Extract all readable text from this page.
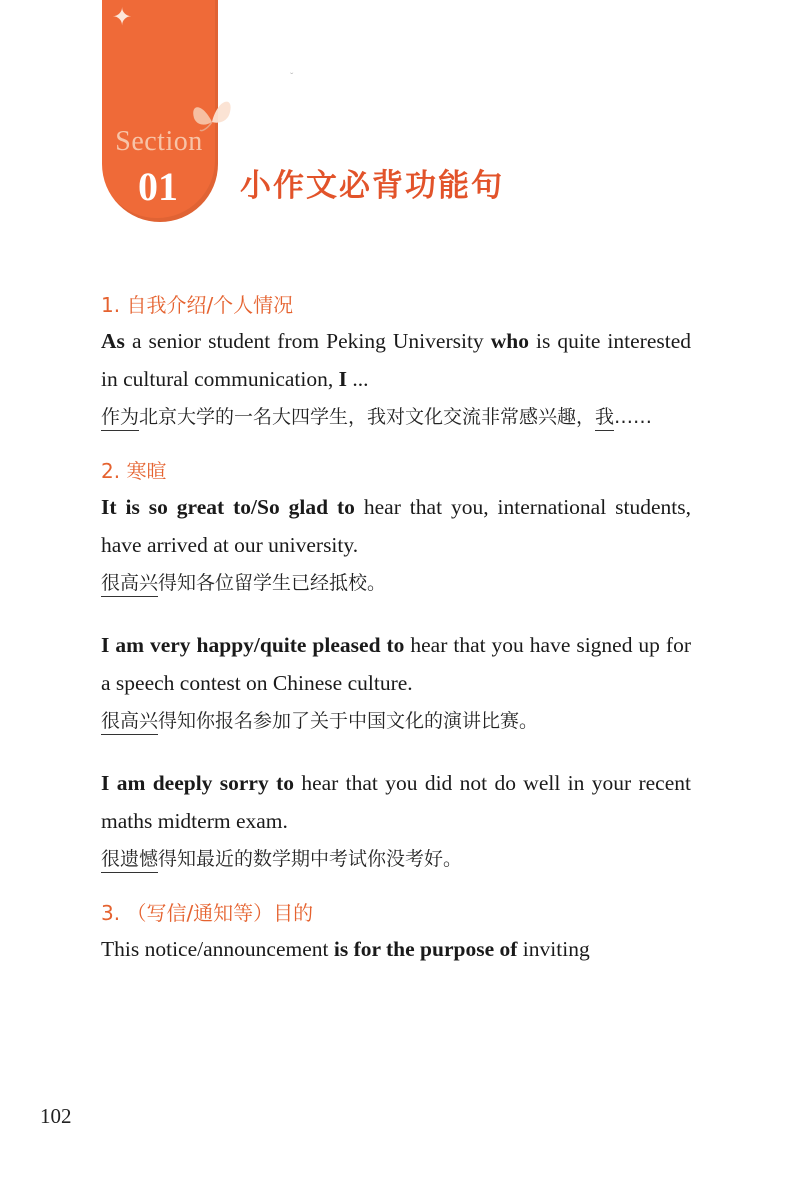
✦
Section
01	小作文必背功能句
ˇ
1. 自我介绍/个人情况

As a senior student from Peking University who is quite interested in cultural communication, I ...

作为北京大学的一名大四学生，我对文化交流非常感兴趣，我……

2. 寒暄

It is so great to/So glad to hear that you, international students, have arrived at our university.

很高兴得知各位留学生已经抵校。

I am very happy/quite pleased to hear that you have signed up for a speech contest on Chinese culture.

很高兴得知你报名参加了关于中国文化的演讲比赛。

I am deeply sorry to hear that you did not do well in your recent maths midterm exam.

很遗憾得知最近的数学期中考试你没考好。

3. （写信/通知等）目的

This notice/announcement is for the purpose of inviting

102
